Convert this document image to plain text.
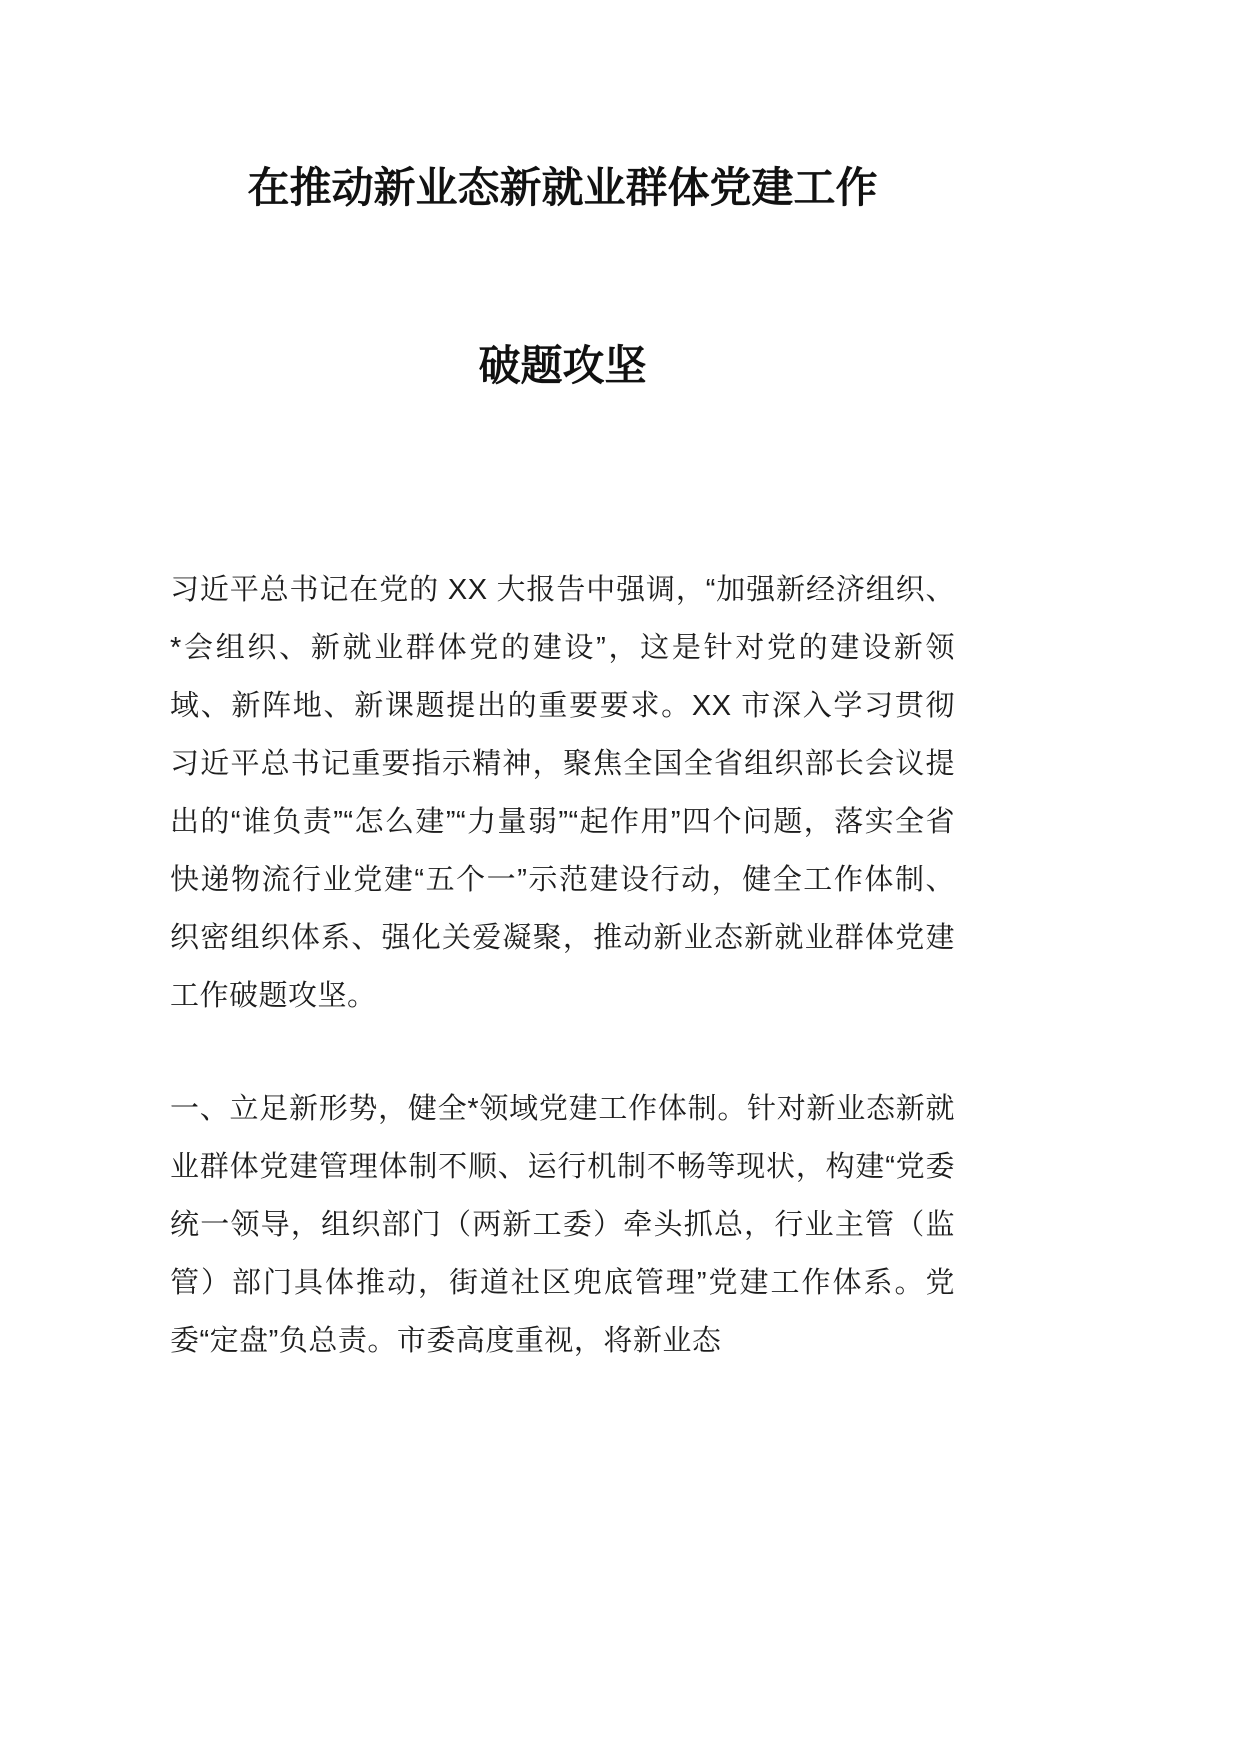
在推动新业态新就业群体党建工作
破题攻坚

习近平总书记在党的 XX 大报告中强调，“加强新经济组织、*会组织、新就业群体党的建设”，这是针对党的建设新领域、新阵地、新课题提出的重要要求。XX 市深入学习贯彻习近平总书记重要指示精神，聚焦全国全省组织部长会议提出的“谁负责”“怎么建”“力量弱”“起作用”四个问题，落实全省快递物流行业党建“五个一”示范建设行动，健全工作体制、织密组织体系、强化关爱凝聚，推动新业态新就业群体党建工作破题攻坚。

一、立足新形势，健全*领域党建工作体制。针对新业态新就业群体党建管理体制不顺、运行机制不畅等现状，构建“党委统一领导，组织部门（两新工委）牵头抓总，行业主管（监管）部门具体推动，街道社区兜底管理”党建工作体系。党委“定盘”负总责。市委高度重视，将新业态
